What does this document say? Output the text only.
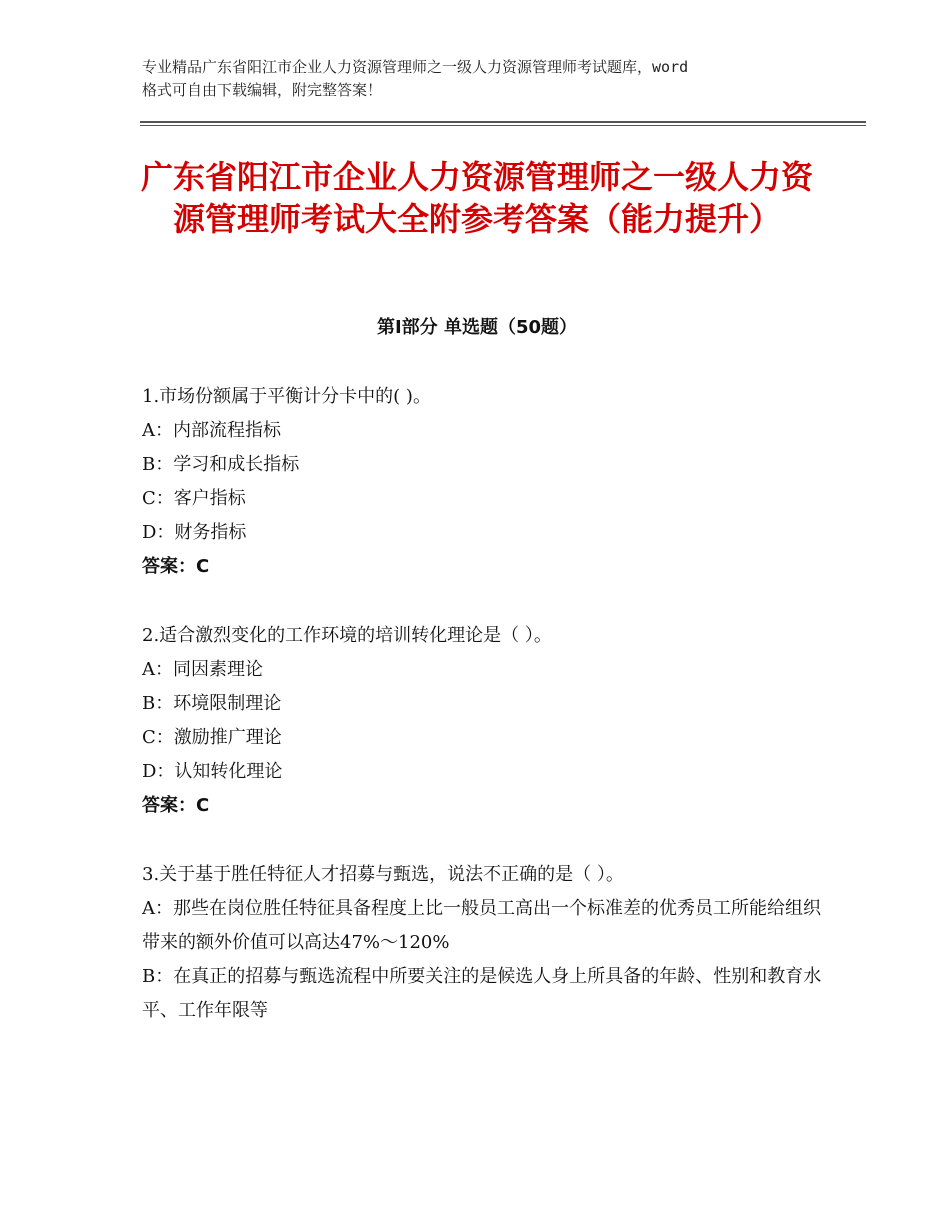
专业精品广东省阳江市企业人力资源管理师之一级人力资源管理师考试题库，word
格式可自由下载编辑，附完整答案！
广东省阳江市企业人力资源管理师之一级人力资源管理师考试大全附参考答案（能力提升）
第Ⅰ部分 单选题（50题）
1.市场份额属于平衡计分卡中的( )。
A：内部流程指标
B：学习和成长指标
C：客户指标
D：财务指标
答案：C
2.适合激烈变化的工作环境的培训转化理论是（ ）。
A：同因素理论
B：环境限制理论
C：激励推广理论
D：认知转化理论
答案：C
3.关于基于胜任特征人才招募与甄选，说法不正确的是（ ）。
A：那些在岗位胜任特征具备程度上比一般员工高出一个标准差的优秀员工所能给组织带来的额外价值可以高达47%～120%
B：在真正的招募与甄选流程中所要关注的是候选人身上所具备的年龄、性别和教育水平、工作年限等
